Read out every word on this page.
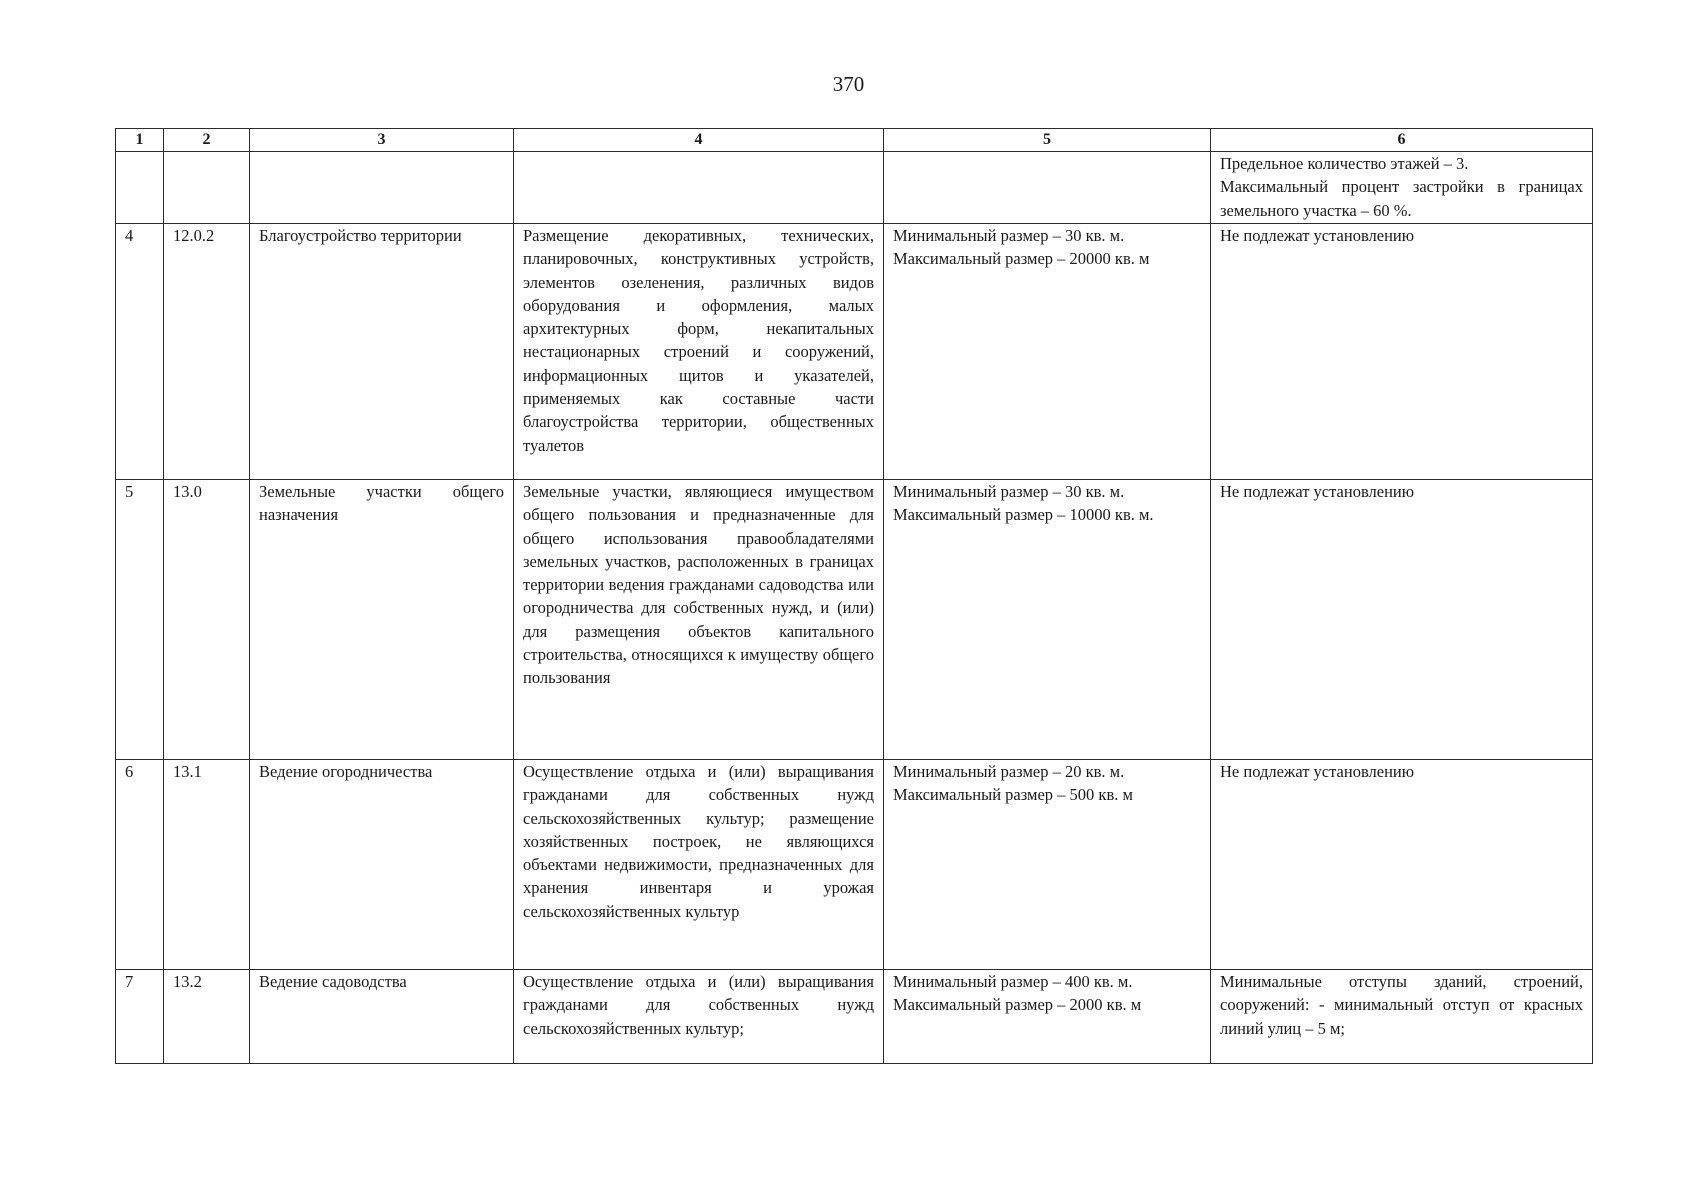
370
1	2	3	4	5	6

					Предельное количество этажей – 3.
Максимальный процент застройки в границах земельного участка – 60 %.

4	12.0.2	Благоустройство территории	Размещение декоративных, технических, планировочных, конструктивных устройств, элементов озеленения, различных видов оборудования и оформления, малых архитектурных форм, некапитальных нестационарных строений и сооружений, информационных щитов и указателей, применяемых как составные части благоустройства территории, общественных туалетов	Минимальный размер – 30 кв. м.
Максимальный размер – 20000 кв. м	Не подлежат установлению
5	13.0	Земельные участки общего назначения	Земельные участки, являющиеся имуществом общего пользования и предназначенные для общего использования правообладателями земельных участков, расположенных в границах территории ведения гражданами садоводства или огородничества для собственных нужд, и (или) для размещения объектов капитального строительства, относящихся к имуществу общего пользования	Минимальный размер – 30 кв. м.
Максимальный размер – 10000 кв. м.	Не подлежат установлению
6	13.1	Ведение огородничества	Осуществление отдыха и (или) выращивания гражданами для собственных нужд сельскохозяйственных культур; размещение хозяйственных построек, не являющихся объектами недвижимости, предназначенных для хранения инвентаря и урожая сельскохозяйственных культур	Минимальный размер – 20 кв. м.
Максимальный размер – 500 кв. м	Не подлежат установлению
7	13.2	Ведение садоводства	Осуществление отдыха и (или) выращивания гражданами для собственных нужд сельскохозяйственных культур;	Минимальный размер – 400 кв. м.
Максимальный размер – 2000 кв. м	Минимальные отступы зданий, строений, сооружений: - минимальный отступ от красных линий улиц – 5 м;
